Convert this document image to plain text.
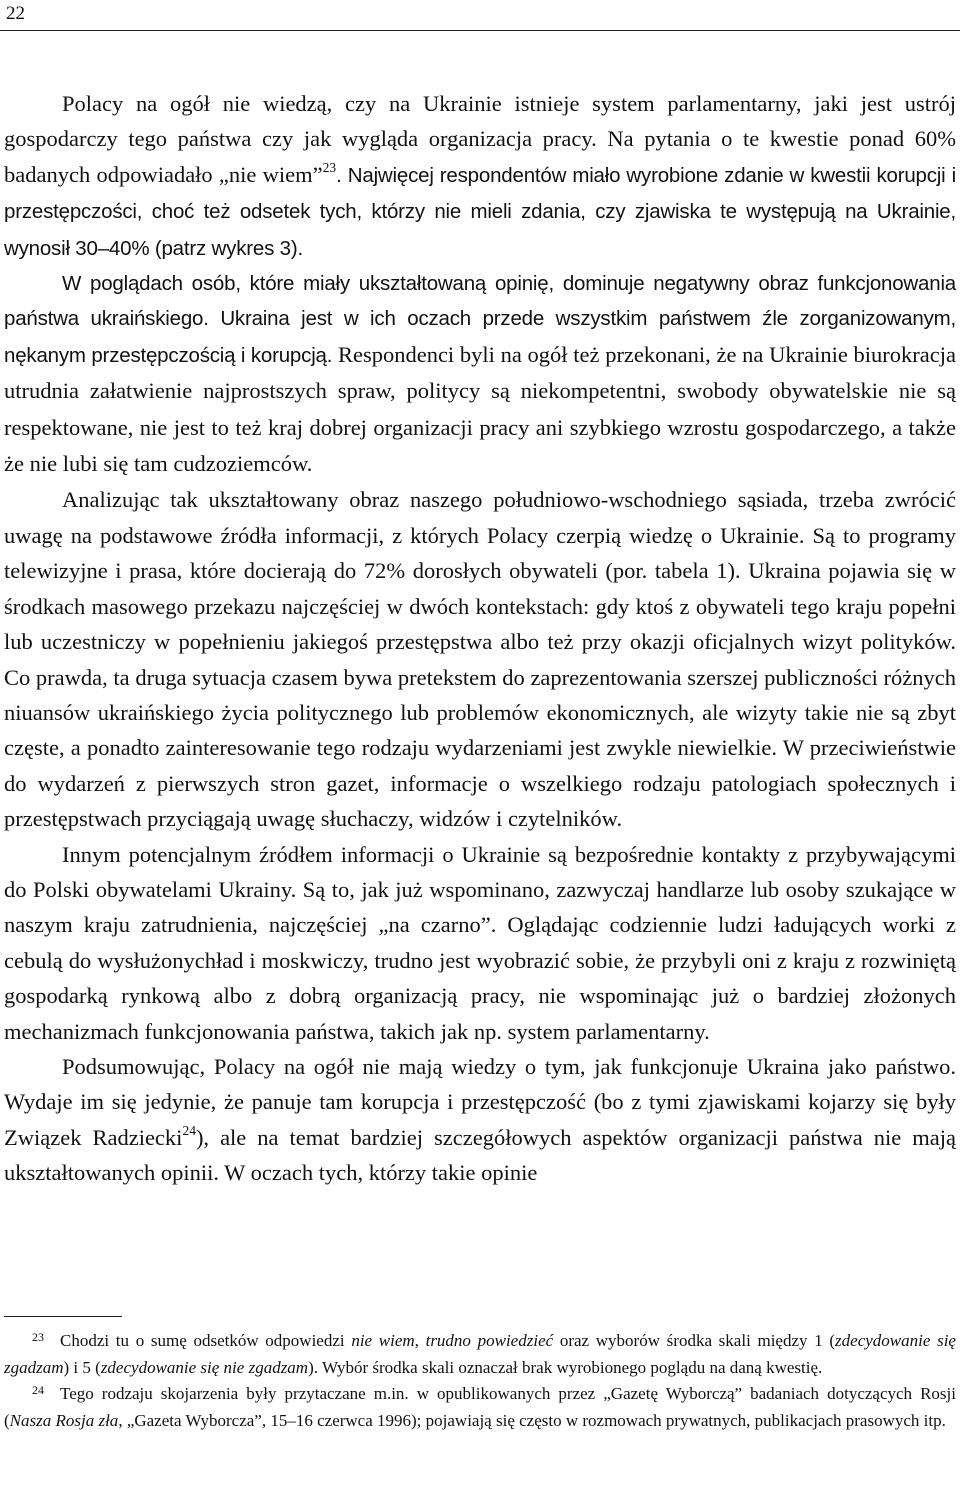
22

Polacy na ogół nie wiedzą, czy na Ukrainie istnieje system parlamentarny, jaki jest ustrój gospodarczy tego państwa czy jak wygląda organizacja pracy. Na pytania o te kwestie ponad 60% badanych odpowiadało „nie wiem”$^{23}$. Najwięcej respondentów miało wyrobione zdanie w kwestii korupcji i przestępczości, choć też odsetek tych, którzy nie mieli zdania, czy zjawiska te występują na Ukrainie, wynosił 30–40% (patrz wykres 3).

W poglądach osób, które miały ukształtowaną opinię, dominuje negatywny obraz funkcjonowania państwa ukraińskiego. Ukraina jest w ich oczach przede wszystkim państwem źle zorganizowanym, nękanym przestępczością i korupcją. Respondenci byli na ogół też przekonani, że na Ukrainie biurokracja utrudnia załatwienie najprostszych spraw, politycy są niekompetentni, swobody obywatelskie nie są respektowane, nie jest to też kraj dobrej organizacji pracy ani szybkiego wzrostu gospodarczego, a także że nie lubi się tam cudzoziemców.

Analizując tak ukształtowany obraz naszego południowo-wschodniego sąsiada, trzeba zwrócić uwagę na podstawowe źródła informacji, z których Polacy czerpią wiedzę o Ukrainie. Są to programy telewizyjne i prasa, które docierają do 72% dorosłych obywateli (por. tabela 1). Ukraina pojawia się w środkach masowego przekazu najczęściej w dwóch kontekstach: gdy ktoś z obywateli tego kraju popełni lub uczestniczy w popełnieniu jakiegoś przestępstwa albo też przy okazji oficjalnych wizyt polityków. Co prawda, ta druga sytuacja czasem bywa pretekstem do zaprezentowania szerszej publiczności różnych niuansów ukraińskiego życia politycznego lub problemów ekonomicznych, ale wizyty takie nie są zbyt częste, a ponadto zainteresowanie tego rodzaju wydarzeniami jest zwykle niewielkie. W przeciwieństwie do wydarzeń z pierwszych stron gazet, informacje o wszelkiego rodzaju patologiach społecznych i przestępstwach przyciągają uwagę słuchaczy, widzów i czytelników.

Innym potencjalnym źródłem informacji o Ukrainie są bezpośrednie kontakty z przybywającymi do Polski obywatelami Ukrainy. Są to, jak już wspominano, zazwyczaj handlarze lub osoby szukające w naszym kraju zatrudnienia, najczęściej „na czarno”. Oglądając codziennie ludzi ładujących worki z cebulą do wysłużonychład i moskwiczy, trudno jest wyobrazić sobie, że przybyli oni z kraju z rozwiniętą gospodarką rynkową albo z dobrą organizacją pracy, nie wspominając już o bardziej złożonych mechanizmach funkcjonowania państwa, takich jak np. system parlamentarny.

Podsumowując, Polacy na ogół nie mają wiedzy o tym, jak funkcjonuje Ukraina jako państwo. Wydaje im się jedynie, że panuje tam korupcja i przestępczość (bo z tymi zjawiskami kojarzy się były Związek Radziecki$^{24}$), ale na temat bardziej szczegółowych aspektów organizacji państwa nie mają ukształtowanych opinii. W oczach tych, którzy takie opinie

$^{23}$ Chodzi tu o sumę odsetków odpowiedzi nie wiem, trudno powiedzieć oraz wyborów środka skali między 1 (zdecydowanie się zgadzam) i 5 (zdecydowanie się nie zgadzam). Wybór środka skali oznaczał brak wyrobionego poglądu na daną kwestię.

$^{24}$ Tego rodzaju skojarzenia były przytaczane m.in. w opublikowanych przez „Gazetę Wyborczą” badaniach dotyczących Rosji (Nasza Rosja zła, „Gazeta Wyborcza”, 15–16 czerwca 1996); pojawiają się często w rozmowach prywatnych, publikacjach prasowych itp.
